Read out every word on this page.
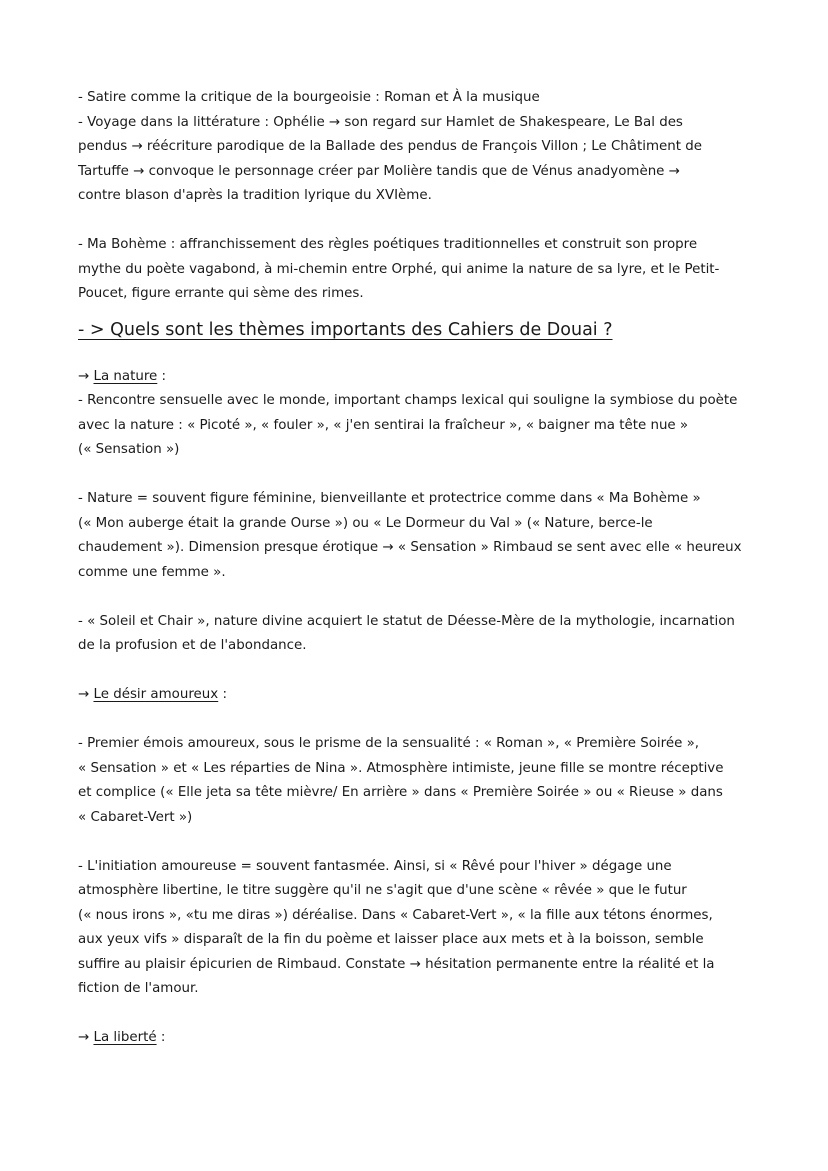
- Satire comme la critique de la bourgeoisie : Roman et À la musique

- Voyage dans la littérature : Ophélie → son regard sur Hamlet de Shakespeare, Le Bal des

pendus → réécriture parodique de la Ballade des pendus de François Villon ; Le Châtiment de

Tartuffe → convoque le personnage créer par Molière tandis que de Vénus anadyomène →

contre blason d'après la tradition lyrique du XVIème.

- Ma Bohème : affranchissement des règles poétiques traditionnelles et construit son propre

mythe du poète vagabond, à mi-chemin entre Orphé, qui anime la nature de sa lyre, et le Petit-

Poucet, figure errante qui sème des rimes.

- > Quels sont les thèmes importants des Cahiers de Douai ?

→ La nature :

- Rencontre sensuelle avec le monde, important champs lexical qui souligne la symbiose du poète

avec la nature : « Picoté », « fouler », « j'en sentirai la fraîcheur », « baigner ma tête nue »

(« Sensation »)

- Nature = souvent figure féminine, bienveillante et protectrice comme dans « Ma Bohème »

(« Mon auberge était la grande Ourse ») ou « Le Dormeur du Val » (« Nature, berce-le

chaudement »). Dimension presque érotique → « Sensation » Rimbaud se sent avec elle « heureux

comme une femme ».

- « Soleil et Chair », nature divine acquiert le statut de Déesse-Mère de la mythologie, incarnation

de la profusion et de l'abondance.

→ Le désir amoureux :

- Premier émois amoureux, sous le prisme de la sensualité : « Roman », « Première Soirée »,

« Sensation » et « Les réparties de Nina ». Atmosphère intimiste, jeune fille se montre réceptive

et complice (« Elle jeta sa tête mièvre/ En arrière » dans « Première Soirée » ou « Rieuse » dans

« Cabaret-Vert »)

- L'initiation amoureuse = souvent fantasmée. Ainsi, si « Rêvé pour l'hiver » dégage une

atmosphère libertine, le titre suggère qu'il ne s'agit que d'une scène « rêvée » que le futur

(« nous irons », «tu me diras ») déréalise. Dans « Cabaret-Vert », « la fille aux tétons énormes,

aux yeux vifs » disparaît de la fin du poème et laisser place aux mets et à la boisson, semble

suffire au plaisir épicurien de Rimbaud. Constate → hésitation permanente entre la réalité et la

fiction de l'amour.

→ La liberté :
